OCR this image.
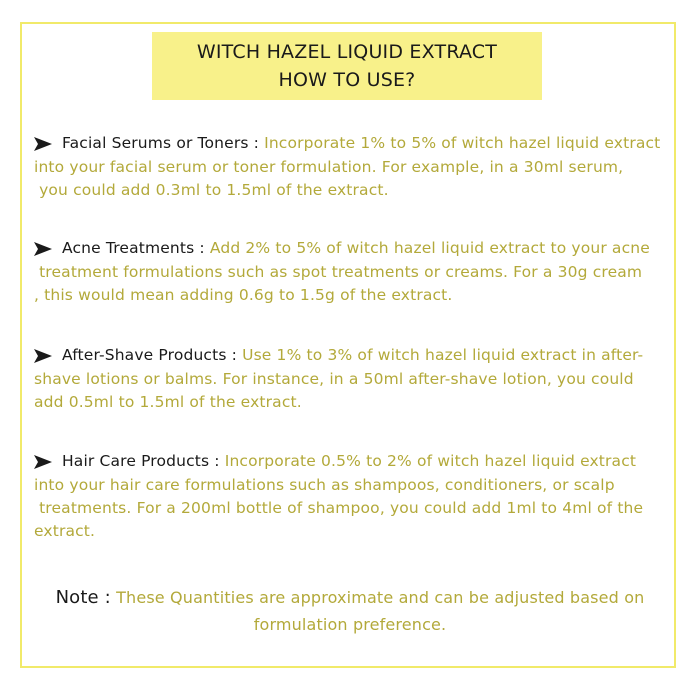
WITCH HAZEL LIQUID EXTRACT
HOW TO USE?
Facial Serums or Toners : Incorporate 1% to 5% of witch hazel liquid extract
into your facial serum or toner formulation. For example, in a 30ml serum,
you could add 0.3ml to 1.5ml of the extract.
Acne Treatments : Add 2% to 5% of witch hazel liquid extract to your acne
treatment formulations such as spot treatments or creams. For a 30g cream
, this would mean adding 0.6g to 1.5g of the extract.
After-Shave Products : Use 1% to 3% of witch hazel liquid extract in after-
shave lotions or balms. For instance, in a 50ml after-shave lotion, you could
add 0.5ml to 1.5ml of the extract.
Hair Care Products : Incorporate 0.5% to 2% of witch hazel liquid extract
into your hair care formulations such as shampoos, conditioners, or scalp
treatments. For a 200ml bottle of shampoo, you could add 1ml to 4ml of the
extract.
Note : These Quantities are approximate and can be adjusted based on
formulation preference.
